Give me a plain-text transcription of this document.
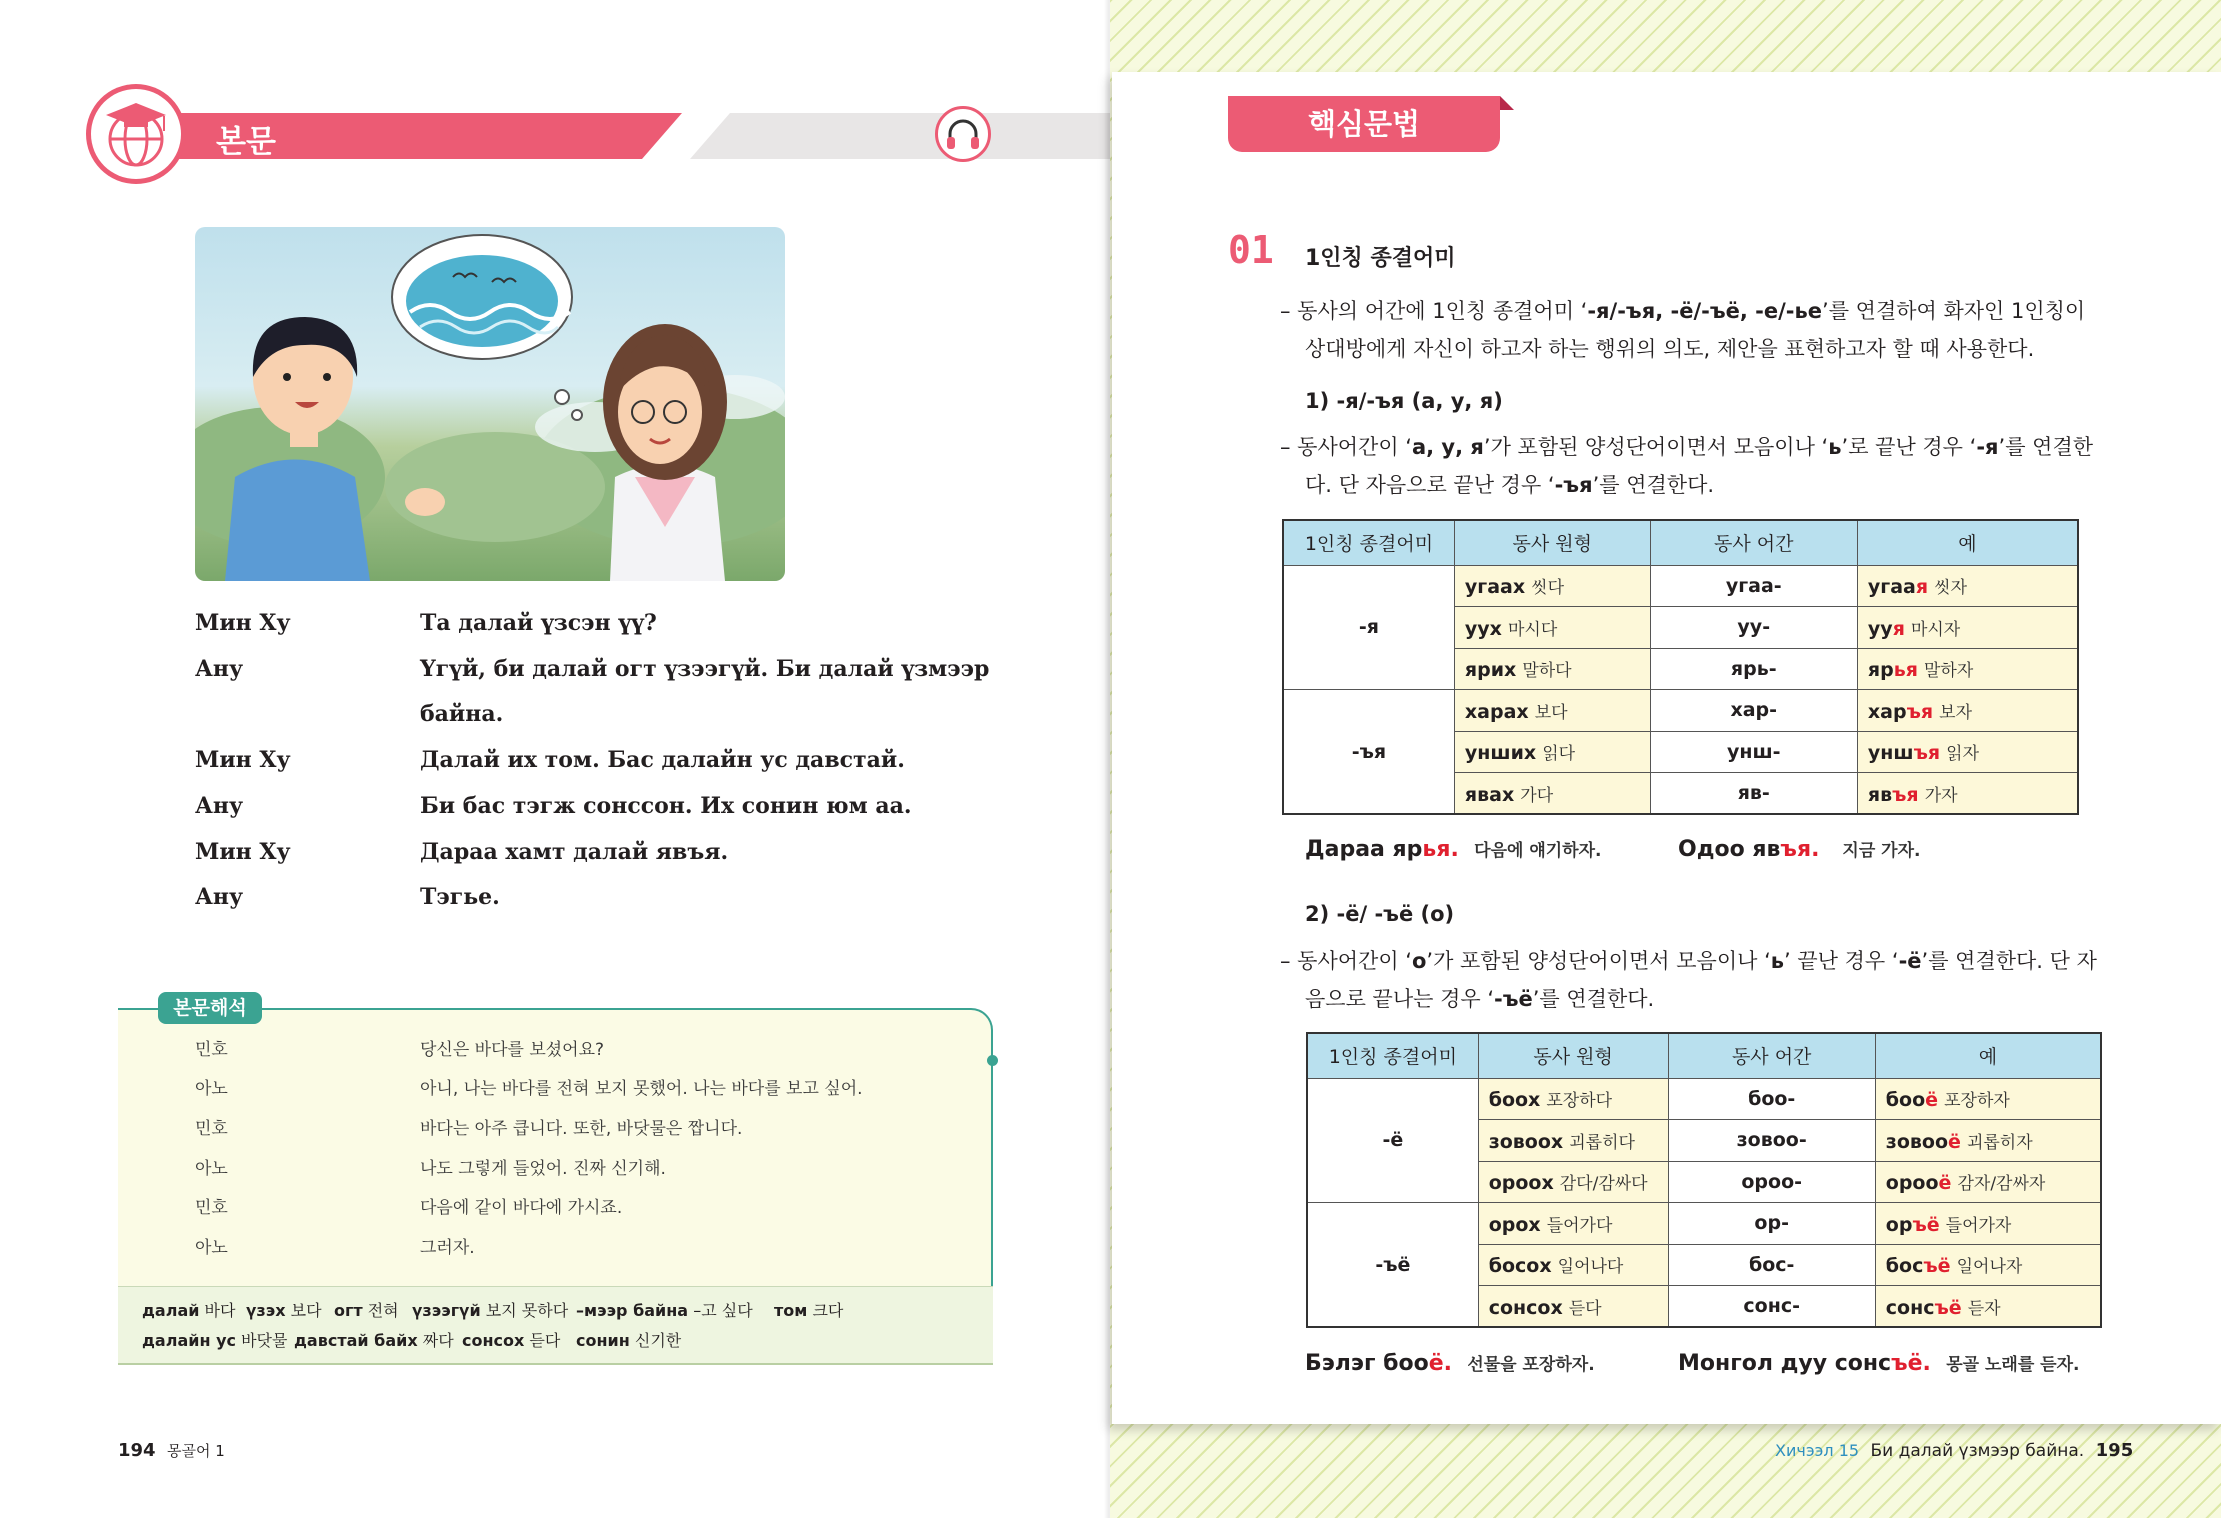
본문
Мин Ху	Та далай үзсэн үү?
Ану	Үгүй, би далай огт үзээгүй. Би далай үзмээр
байна.
Мин Ху	Далай их том. Бас далайн ус давстай.
Ану	Би бас тэгж сонссон. Их сонин юм аа.
Мин Ху	Дараа хамт далай явъя.
Ану	Тэгье.
본문해석
민호	당신은 바다를 보셨어요?
아노	아니, 나는 바다를 전혀 보지 못했어. 나는 바다를 보고 싶어.
민호	바다는 아주 큽니다. 또한, 바닷물은 짭니다.
아노	나도 그렇게 들었어. 진짜 신기해.
민호	다음에 같이 바다에 가시죠.
아노	그러자.
далай 바다 үзэх 보다 огт 전혀 үзээгүй 보지 못하다 –мээр байна –고 싶다 том 크다
далайн ус 바닷물 давстай байх 짜다 сонсох 듣다 сонин 신기한
194 몽골어 1
핵심문법
01 1인칭 종결어미
– 동사의 어간에 1인칭 종결어미 ‘-я/-ъя, -ё/-ъё, -е/-ье’를 연결하여 화자인 1인칭이
상대방에게 자신이 하고자 하는 행위의 의도, 제안을 표현하고자 할 때 사용한다.
1) -я/-ъя (а, у, я)
– 동사어간이 ‘а, у, я’가 포함된 양성단어이면서 모음이나 ‘ь’로 끝난 경우 ‘-я’를 연결한
다. 단 자음으로 끝난 경우 ‘-ъя’를 연결한다.
1인칭 종결어미	동사 원형	동사 어간	예
-я	угаах 씻다	угаа-	угаая 씻자
	уух 마시다	уу-	ууя 마시자
	ярих 말하다	ярь-	ярья 말하자
-ъя	харах 보다	хар-	харъя 보자
	унших 읽다	унш-	уншъя 읽자
	явах 가다	яв-	явъя 가자
Дараа ярья. 다음에 얘기하자.	Одоо явъя. 지금 가자.
2) -ё/ -ъё (о)
– 동사어간이 ‘о’가 포함된 양성단어이면서 모음이나 ‘ь’ 끝난 경우 ‘-ё’를 연결한다. 단 자
음으로 끝나는 경우 ‘-ъё’를 연결한다.
1인칭 종결어미	동사 원형	동사 어간	예
-ё	боох 포장하다	боо-	бооё 포장하자
	зовоох 괴롭히다	зовоо-	зовооё 괴롭히자
	ороох 감다/감싸다	ороо-	орооё 감자/감싸자
-ъё	орох 들어가다	ор-	оръё 들어가자
	босох 일어나다	бос-	босъё 일어나자
	сонсох 듣다	сонс-	сонсъё 듣자
Бэлэг бооё. 선물을 포장하자.	Монгол дуу сонсъё. 몽골 노래를 듣자.
Хичээл 15 Би далай үзмээр байна. 195
